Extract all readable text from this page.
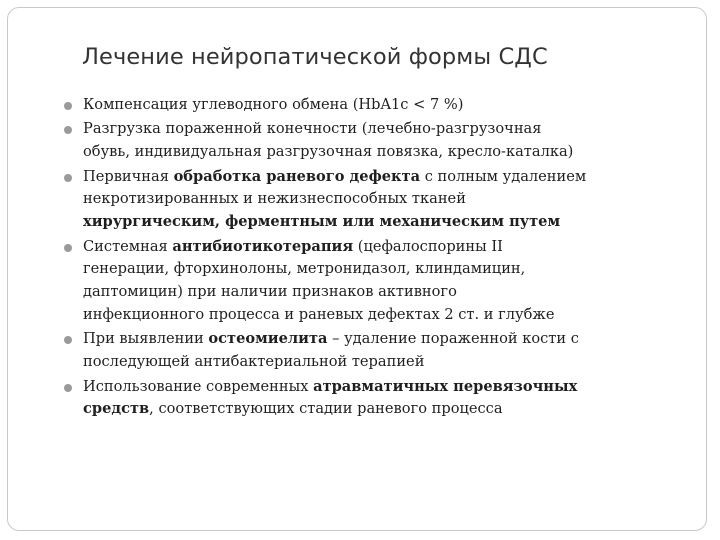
Лечение нейропатической формы СДС
Компенсация углеводного обмена (HbA1c < 7 %)
Разгрузка пораженной конечности (лечебно-разгрузочная
обувь, индивидуальная разгрузочная повязка, кресло-каталка)
Первичная обработка раневого дефекта с полным удалением
некротизированных и нежизнеспособных тканей
хирургическим, ферментным или механическим путем
Системная антибиотикотерапия (цефалоспорины II
генерации, фторхинолоны, метронидазол, клиндамицин,
даптомицин) при наличии признаков активного
инфекционного процесса и раневых дефектах 2 ст. и глубже
При выявлении остеомиелита – удаление пораженной кости с
последующей антибактериальной терапией
Использование современных атравматичных перевязочных
средств, соответствующих стадии раневого процесса
